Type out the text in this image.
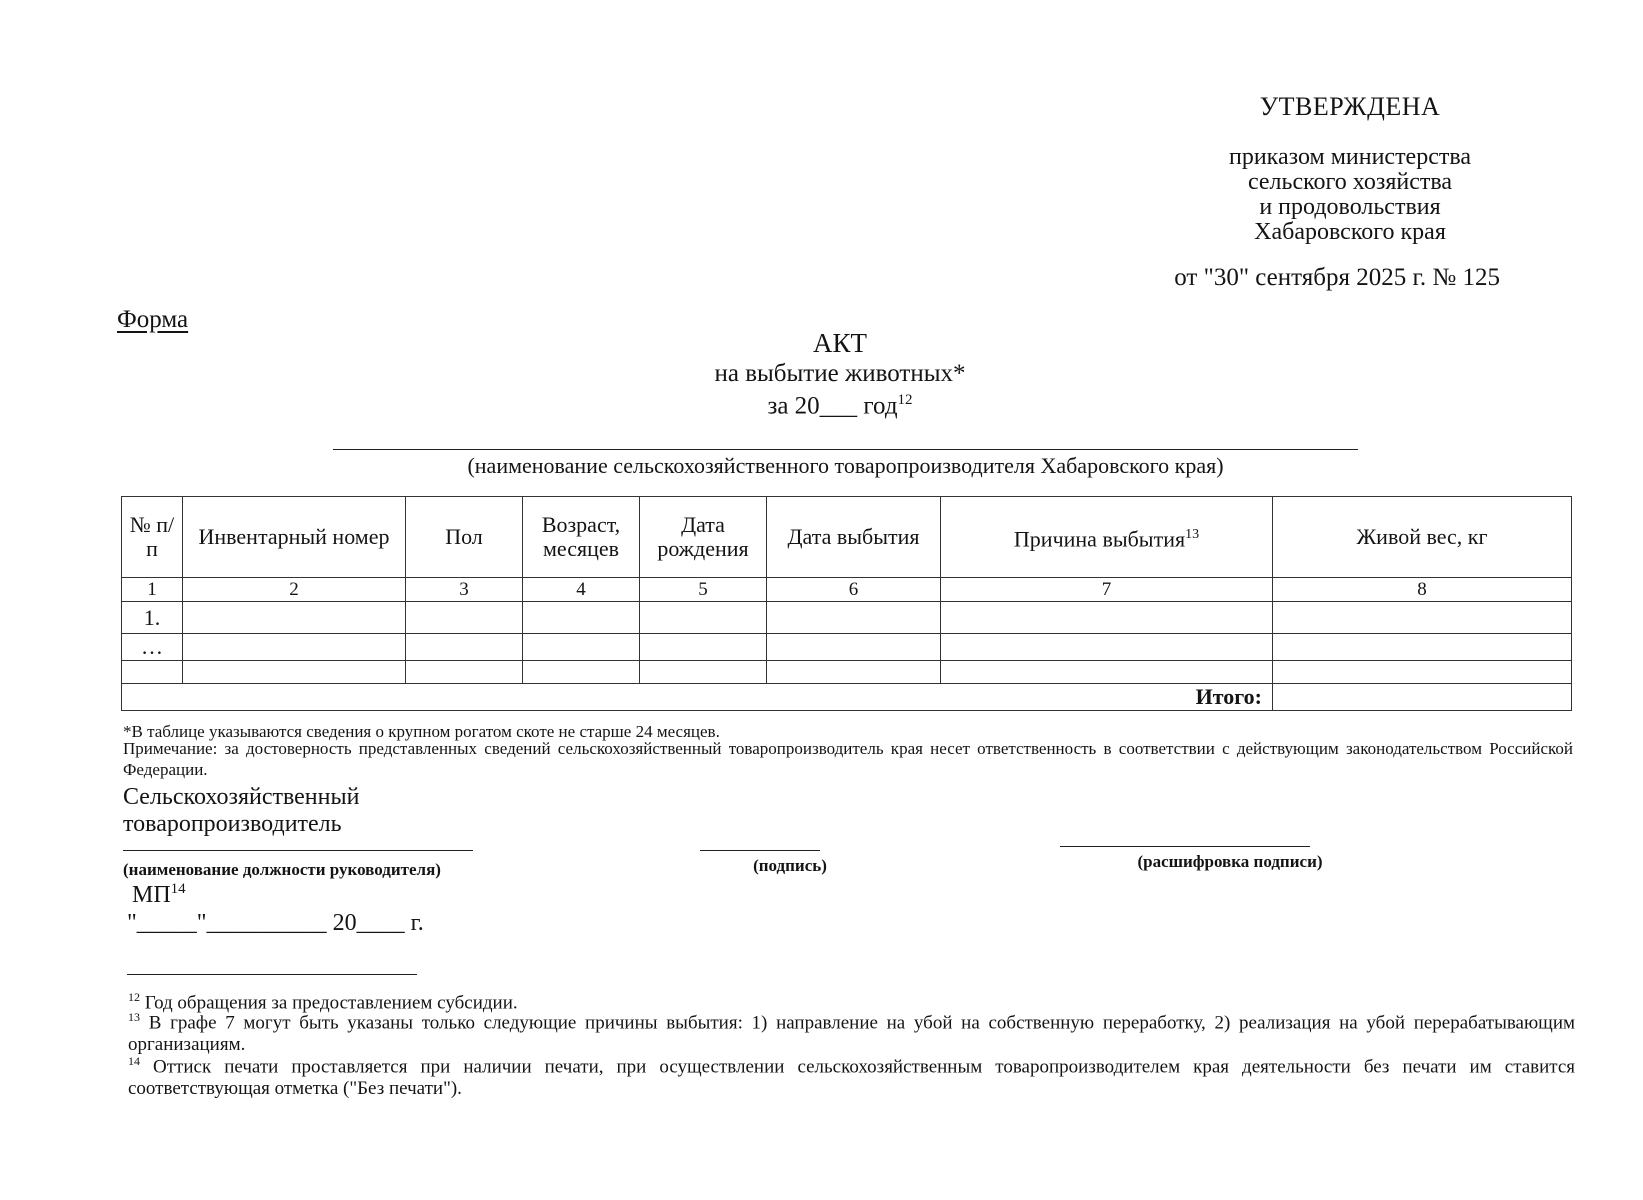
УТВЕРЖДЕНА
приказом министерства
сельского хозяйства
и продовольствия
Хабаровского края
от "30" сентября 2025 г. № 125
Форма
АКТ
на выбытие животных*
за 20___ год$^{12}$
(наименование сельскохозяйственного товаропроизводителя Хабаровского края)
№ п/п	Инвентарный номер	Пол	Возраст, месяцев	Дата рождения	Дата выбытия	Причина выбытия$^{13}$	Живой вес, кг
1	2	3	4	5	6	7	8
1.							
…							

Итого:							
*В таблице указываются сведения о крупном рогатом скоте не старше 24 месяцев.
Примечание: за достоверность представленных сведений сельскохозяйственный товаропроизводитель края несет ответственность в соответствии с действующим законодательством Российской Федерации.
Сельскохозяйственный
товаропроизводитель
(наименование должности руководителя)	(подпись)	(расшифровка подписи)
МП$^{14}$
"_____"__________ 20____ г.
$^{12}$ Год обращения за предоставлением субсидии.
$^{13}$ В графе 7 могут быть указаны только следующие причины выбытия: 1) направление на убой на собственную переработку, 2) реализация на убой перерабатывающим организациям.
$^{14}$ Оттиск печати проставляется при наличии печати, при осуществлении сельскохозяйственным товаропроизводителем края деятельности без печати им ставится соответствующая отметка ("Без печати").
